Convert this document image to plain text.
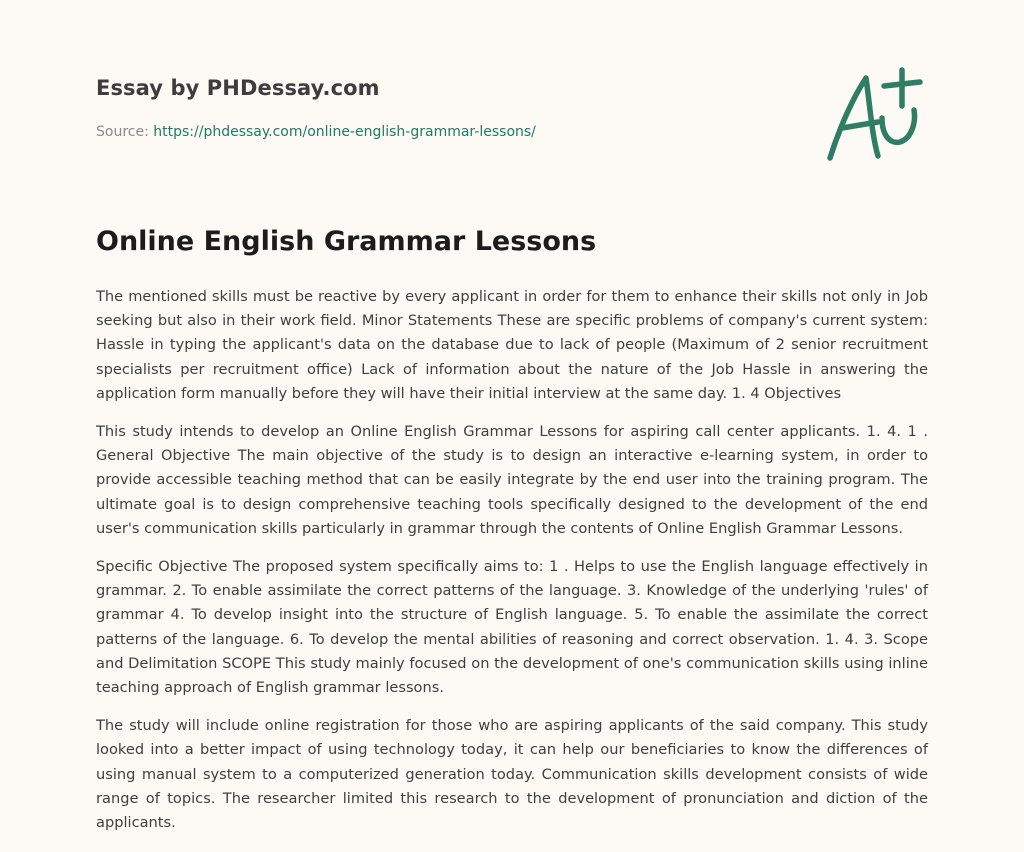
Essay by PHDessay.com
Source: https://phdessay.com/online-english-grammar-lessons/
Online English Grammar Lessons

The mentioned skills must be reactive by every applicant in order for them to enhance their skills not only in Job seeking but also in their work field. Minor Statements These are specific problems of company's current system: Hassle in typing the applicant's data on the database due to lack of people (Maximum of 2 senior recruitment specialists per recruitment office) Lack of information about the nature of the Job Hassle in answering the application form manually before they will have their initial interview at the same day. 1. 4 Objectives

This study intends to develop an Online English Grammar Lessons for aspiring call center applicants. 1. 4. 1 . General Objective The main objective of the study is to design an interactive e-learning system, in order to provide accessible teaching method that can be easily integrate by the end user into the training program. The ultimate goal is to design comprehensive teaching tools specifically designed to the development of the end user's communication skills particularly in grammar through the contents of Online English Grammar Lessons.

Specific Objective The proposed system specifically aims to: 1 . Helps to use the English language effectively in grammar. 2. To enable assimilate the correct patterns of the language. 3. Knowledge of the underlying 'rules' of grammar 4. To develop insight into the structure of English language. 5. To enable the assimilate the correct patterns of the language. 6. To develop the mental abilities of reasoning and correct observation. 1. 4. 3. Scope and Delimitation SCOPE This study mainly focused on the development of one's communication skills using inline teaching approach of English grammar lessons.

The study will include online registration for those who are aspiring applicants of the said company. This study looked into a better impact of using technology today, it can help our beneficiaries to know the differences of using manual system to a computerized generation today. Communication skills development consists of wide range of topics. The researcher limited this research to the development of pronunciation and diction of the applicants.
